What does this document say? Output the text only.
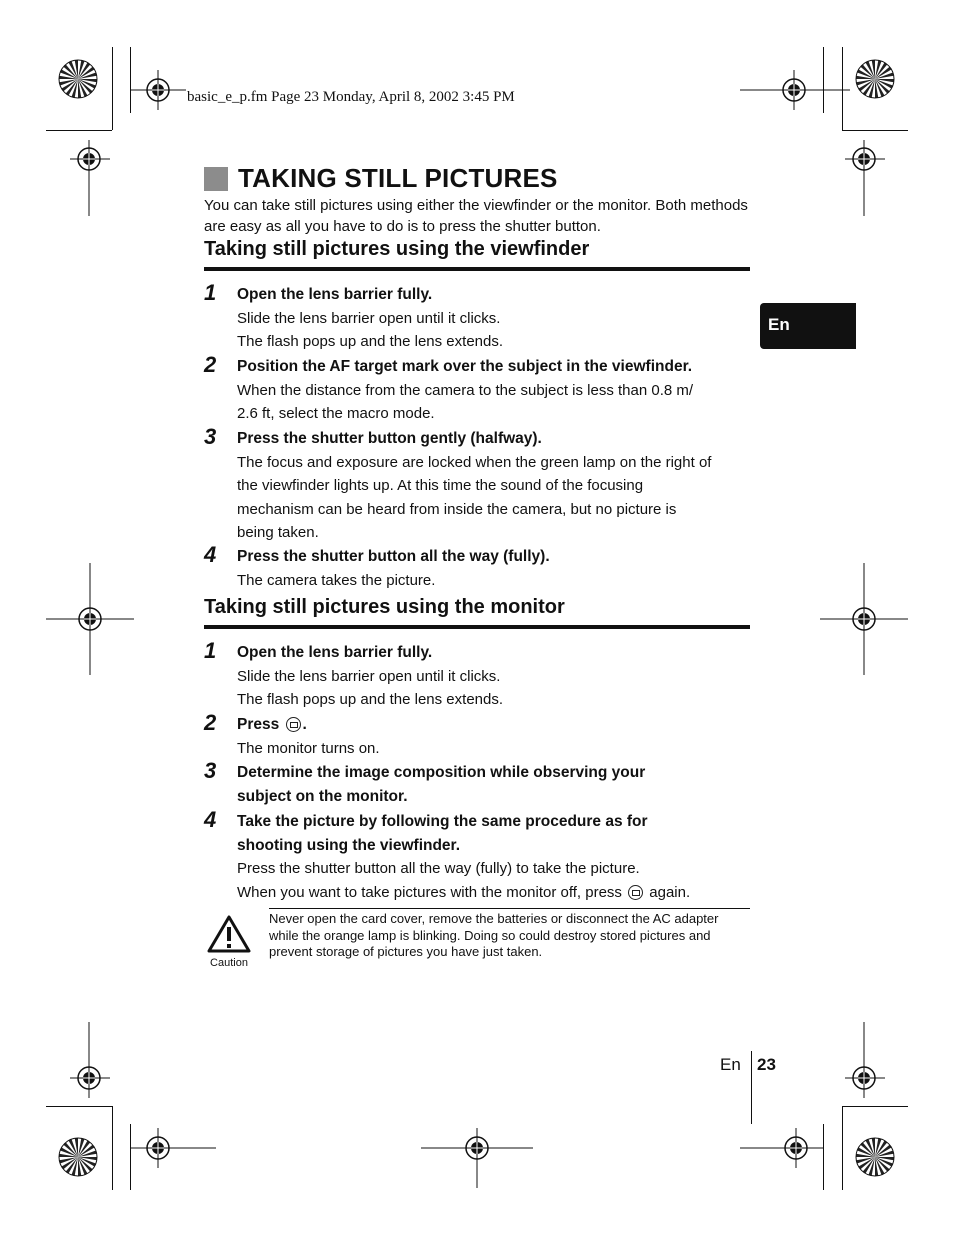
basic_e_p.fm Page 23 Monday, April 8, 2002 3:45 PM
TAKING STILL PICTURES
You can take still pictures using either the viewfinder or the monitor. Both methods are easy as all you have to do is to press the shutter button.
Taking still pictures using the viewfinder
1 Open the lens barrier fully.
Slide the lens barrier open until it clicks.
The flash pops up and the lens extends.
2 Position the AF target mark over the subject in the viewfinder.
When the distance from the camera to the subject is less than 0.8 m/
2.6 ft, select the macro mode.
3 Press the shutter button gently (halfway).
The focus and exposure are locked when the green lamp on the right of
the viewfinder lights up. At this time the sound of the focusing
mechanism can be heard from inside the camera, but no picture is
being taken.
4 Press the shutter button all the way (fully).
The camera takes the picture.
Taking still pictures using the monitor
1 Open the lens barrier fully.
Slide the lens barrier open until it clicks.
The flash pops up and the lens extends.
2 Press .
The monitor turns on.
3 Determine the image composition while observing your
subject on the monitor.
4 Take the picture by following the same procedure as for
shooting using the viewfinder.
Press the shutter button all the way (fully) to take the picture.
When you want to take pictures with the monitor off, press again.
Caution
Never open the card cover, remove the batteries or disconnect the AC adapter while the orange lamp is blinking. Doing so could destroy stored pictures and prevent storage of pictures you have just taken.
En
En 23
